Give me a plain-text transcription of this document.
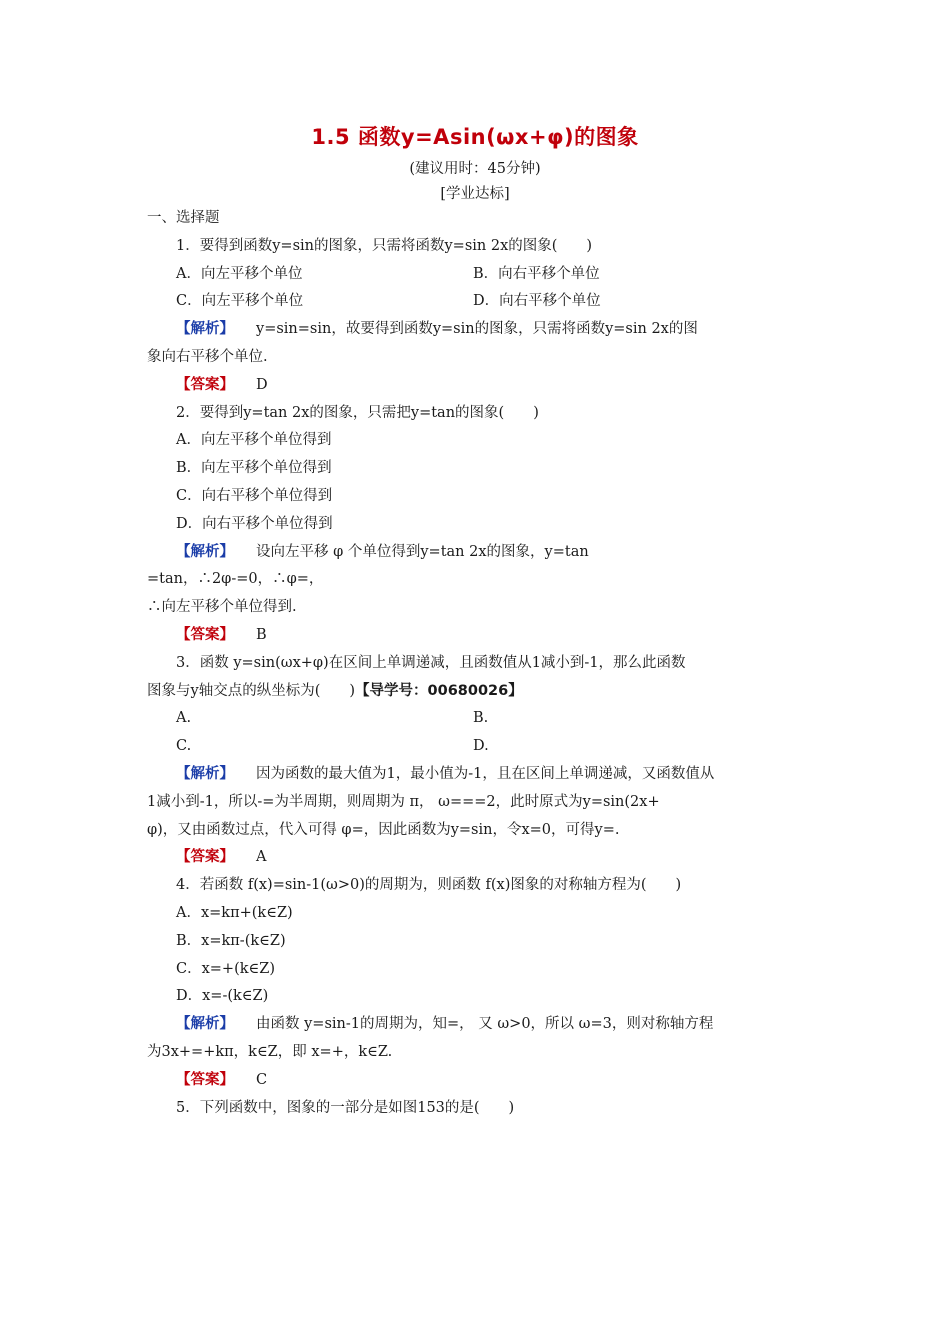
1.5 函数y=Asin(ωx+φ)的图象
(建议用时：45分钟)
[学业达标]
一、选择题
1．要得到函数y=sin的图象，只需将函数y=sin 2x的图象(　　)
A．向左平移个单位	B．向右平移个单位
C．向左平移个单位	D．向右平移个单位
【解析】 y=sin=sin，故要得到函数y=sin的图象，只需将函数y=sin 2x的图
象向右平移个单位.
【答案】 D
2．要得到y=tan 2x的图象，只需把y=tan的图象(　　)
A．向左平移个单位得到
B．向左平移个单位得到
C．向右平移个单位得到
D．向右平移个单位得到
【解析】 设向左平移 φ 个单位得到y=tan 2x的图象，y=tan
=tan，∴2φ-=0，∴φ=，
∴向左平移个单位得到.
【答案】 B
3．函数 y=sin(ωx+φ)在区间上单调递减，且函数值从1减小到-1，那么此函数
图象与y轴交点的纵坐标为(　　)【导学号：00680026】
A.	B.
C.	D.
【解析】 因为函数的最大值为1，最小值为-1，且在区间上单调递减，又函数值从
1减小到-1，所以-=为半周期，则周期为 π， ω===2，此时原式为y=sin(2x+
φ)，又由函数过点，代入可得 φ=，因此函数为y=sin，令x=0，可得y=.
【答案】 A
4．若函数 f(x)=sin-1(ω>0)的周期为，则函数 f(x)图象的对称轴方程为(　　)
A．x=kπ+(k∈Z)
B．x=kπ-(k∈Z)
C．x=+(k∈Z)
D．x=-(k∈Z)
【解析】 由函数 y=sin-1的周期为，知=， 又 ω>0，所以 ω=3，则对称轴方程
为3x+=+kπ，k∈Z，即 x=+，k∈Z.
【答案】 C
5．下列函数中，图象的一部分是如图153的是(　　)
